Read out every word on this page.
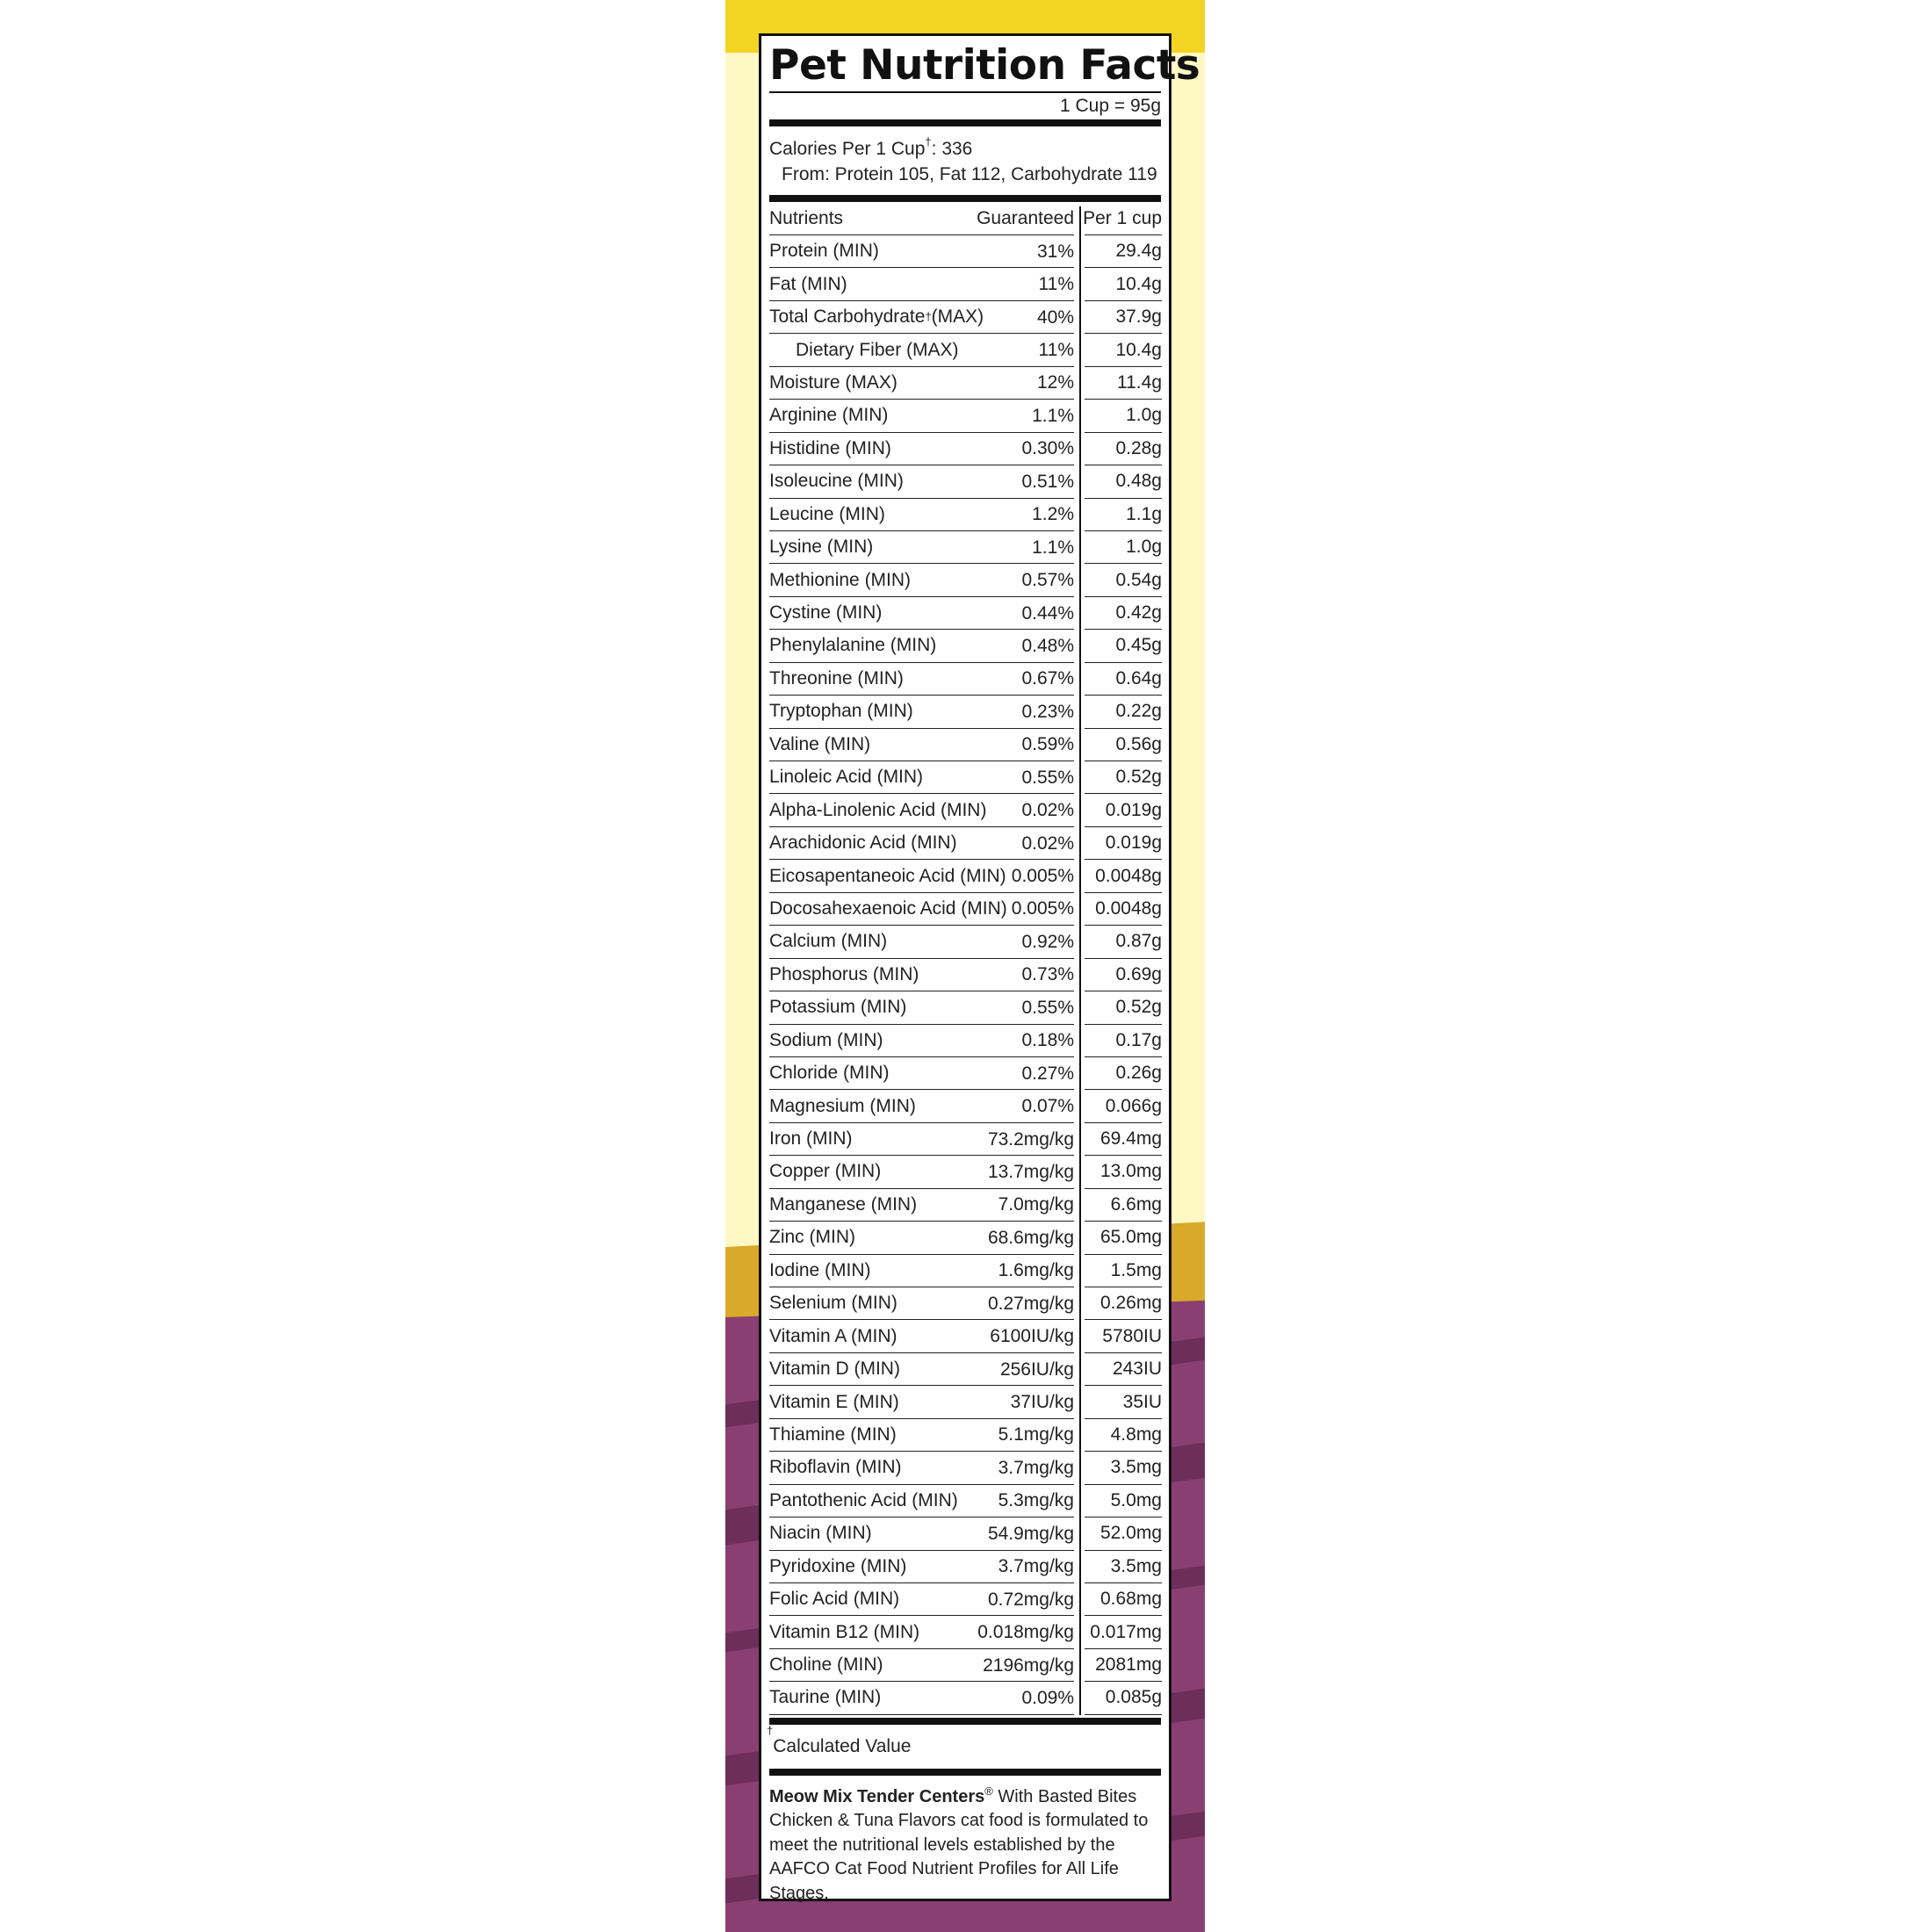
Pet Nutrition Facts
1 Cup = 95g
Calories Per 1 Cup†: 336
From: Protein 105, Fat 112, Carbohydrate 119
Nutrients	Guaranteed Per 1 cup
Protein (MIN)	31%	29.4g
Fat (MIN)	11%	10.4g
Total Carbohydrate † (MAX)	40%	37.9g
Dietary Fiber (MAX)	11%	10.4g
Moisture (MAX)	12%	11.4g
Arginine (MIN)	1.1%	1.0g
Histidine (MIN)	0.30%	0.28g
Isoleucine (MIN)	0.51%	0.48g
Leucine (MIN)	1.2%	1.1g
Lysine (MIN)	1.1%	1.0g
Methionine (MIN)	0.57%	0.54g
Cystine (MIN)	0.44%	0.42g
Phenylalanine (MIN)	0.48%	0.45g
Threonine (MIN)	0.67%	0.64g
Tryptophan (MIN)	0.23%	0.22g
Valine (MIN)	0.59%	0.56g
Linoleic Acid (MIN)	0.55%	0.52g
Alpha-Linolenic Acid (MIN)	0.02%	0.019g
Arachidonic Acid (MIN)	0.02%	0.019g
Eicosapentaneoic Acid (MIN) 0.005%	0.0048g
Docosahexaenoic Acid (MIN) 0.005%	0.0048g
Calcium (MIN)	0.92%	0.87g
Phosphorus (MIN)	0.73%	0.69g
Potassium (MIN)	0.55%	0.52g
Sodium (MIN)	0.18%	0.17g
Chloride (MIN)	0.27%	0.26g
Magnesium (MIN)	0.07%	0.066g
Iron (MIN)	73.2mg/kg	69.4mg
Copper (MIN)	13.7mg/kg	13.0mg
Manganese (MIN)	7.0mg/kg	6.6mg
Zinc (MIN)	68.6mg/kg	65.0mg
Iodine (MIN)	1.6mg/kg	1.5mg
Selenium (MIN)	0.27mg/kg	0.26mg
Vitamin A (MIN)	6100IU/kg	5780IU
Vitamin D (MIN)	256IU/kg	243IU
Vitamin E (MIN)	37IU/kg	35IU
Thiamine (MIN)	5.1mg/kg	4.8mg
Riboflavin (MIN)	3.7mg/kg	3.5mg
Pantothenic Acid (MIN)	5.3mg/kg	5.0mg
Niacin (MIN)	54.9mg/kg	52.0mg
Pyridoxine (MIN)	3.7mg/kg	3.5mg
Folic Acid (MIN)	0.72mg/kg	0.68mg
Vitamin B12 (MIN)	0.018mg/kg 0.017mg
Choline (MIN)	2196mg/kg	2081mg
Taurine (MIN)	0.09%	0.085g
†Calculated Value
Meow Mix Tender Centers® With Basted Bites Chicken & Tuna Flavors cat food is formulated to meet the nutritional levels established by the AAFCO Cat Food Nutrient Profiles for All Life Stages.
